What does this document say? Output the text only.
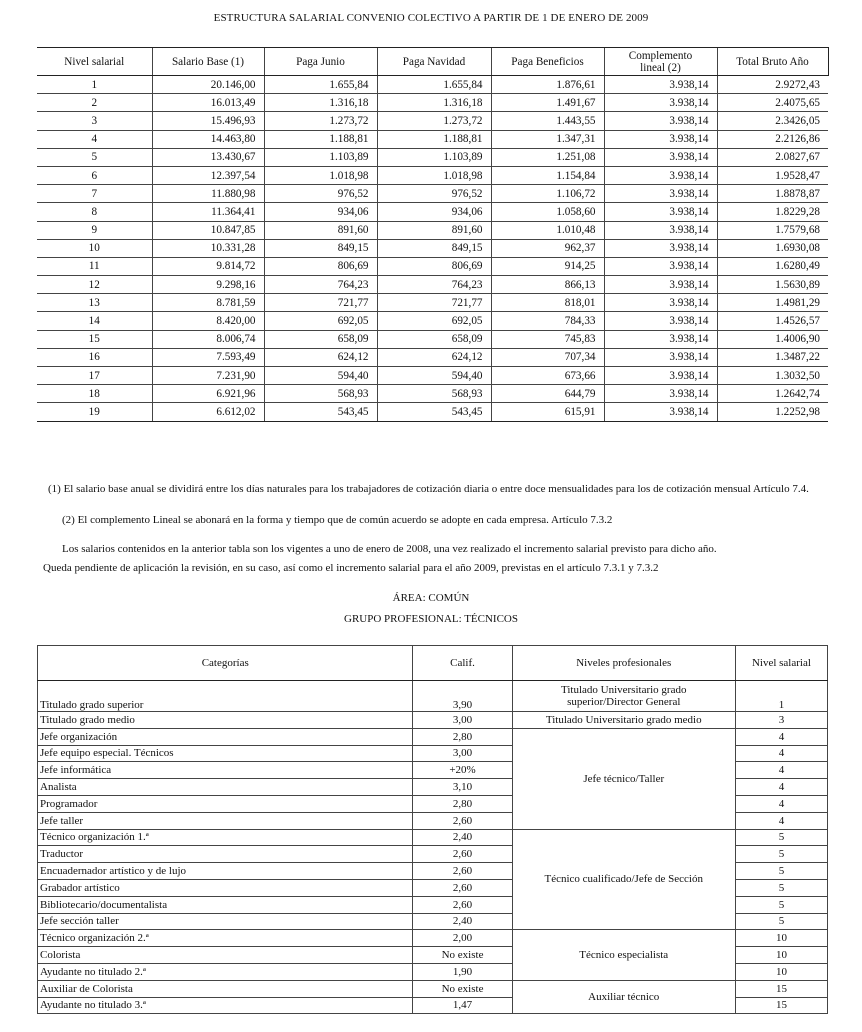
ESTRUCTURA SALARIAL CONVENIO COLECTIVO A PARTIR DE 1 DE ENERO DE 2009
Nivel salarial	Salario Base (1)	Paga Junio	Paga Navidad	Paga Beneficios	Complemento lineal (2)	Total Bruto Año
1	20.146,00	1.655,84	1.655,84	1.876,61	3.938,14	2.9272,43
2	16.013,49	1.316,18	1.316,18	1.491,67	3.938,14	2.4075,65
3	15.496,93	1.273,72	1.273,72	1.443,55	3.938,14	2.3426,05
4	14.463,80	1.188,81	1.188,81	1.347,31	3.938,14	2.2126,86
5	13.430,67	1.103,89	1.103,89	1.251,08	3.938,14	2.0827,67
6	12.397,54	1.018,98	1.018,98	1.154,84	3.938,14	1.9528,47
7	11.880,98	976,52	976,52	1.106,72	3.938,14	1.8878,87
8	11.364,41	934,06	934,06	1.058,60	3.938,14	1.8229,28
9	10.847,85	891,60	891,60	1.010,48	3.938,14	1.7579,68
10	10.331,28	849,15	849,15	962,37	3.938,14	1.6930,08
11	9.814,72	806,69	806,69	914,25	3.938,14	1.6280,49
12	9.298,16	764,23	764,23	866,13	3.938,14	1.5630,89
13	8.781,59	721,77	721,77	818,01	3.938,14	1.4981,29
14	8.420,00	692,05	692,05	784,33	3.938,14	1.4526,57
15	8.006,74	658,09	658,09	745,83	3.938,14	1.4006,90
16	7.593,49	624,12	624,12	707,34	3.938,14	1.3487,22
17	7.231,90	594,40	594,40	673,66	3.938,14	1.3032,50
18	6.921,96	568,93	568,93	644,79	3.938,14	1.2642,74
19	6.612,02	543,45	543,45	615,91	3.938,14	1.2252,98
(1) El salario base anual se dividirá entre los días naturales para los trabajadores de cotización diaria o entre doce mensualidades para los de cotización mensual Artículo 7.4.
(2) El complemento Lineal se abonará en la forma y tiempo que de común acuerdo se adopte en cada empresa. Artículo 7.3.2
Los salarios contenidos en la anterior tabla son los vigentes a uno de enero de 2008, una vez realizado el incremento salarial previsto para dicho año.
Queda pendiente de aplicación la revisión, en su caso, así como el incremento salarial para el año 2009, previstas en el artículo 7.3.1 y 7.3.2
ÁREA: COMÚN
GRUPO PROFESIONAL: TÉCNICOS
Categorías	Calif.	Niveles profesionales	Nivel salarial
Titulado grado superior	3,90	Titulado Universitario grado superior/Director General	1
Titulado grado medio	3,00	Titulado Universitario grado medio	3
Jefe organización	2,80	Jefe técnico/Taller	4
Jefe equipo especial. Técnicos	3,00		4
Jefe informática	+20%		4
Analista	3,10		4
Programador	2,80		4
Jefe taller	2,60		4
Técnico organización 1.ª	2,40	Técnico cualificado/Jefe de Sección	5
Traductor	2,60		5
Encuadernador artístico y de lujo	2,60		5
Grabador artístico	2,60		5
Bibliotecario/documentalista	2,60		5
Jefe sección taller	2,40		5
Técnico organización 2.ª	2,00	Técnico especialista	10
Colorista	No existe		10
Ayudante no titulado 2.ª	1,90		10
Auxiliar de Colorista	No existe	Auxiliar técnico	15
Ayudante no titulado 3.ª	1,47		15
